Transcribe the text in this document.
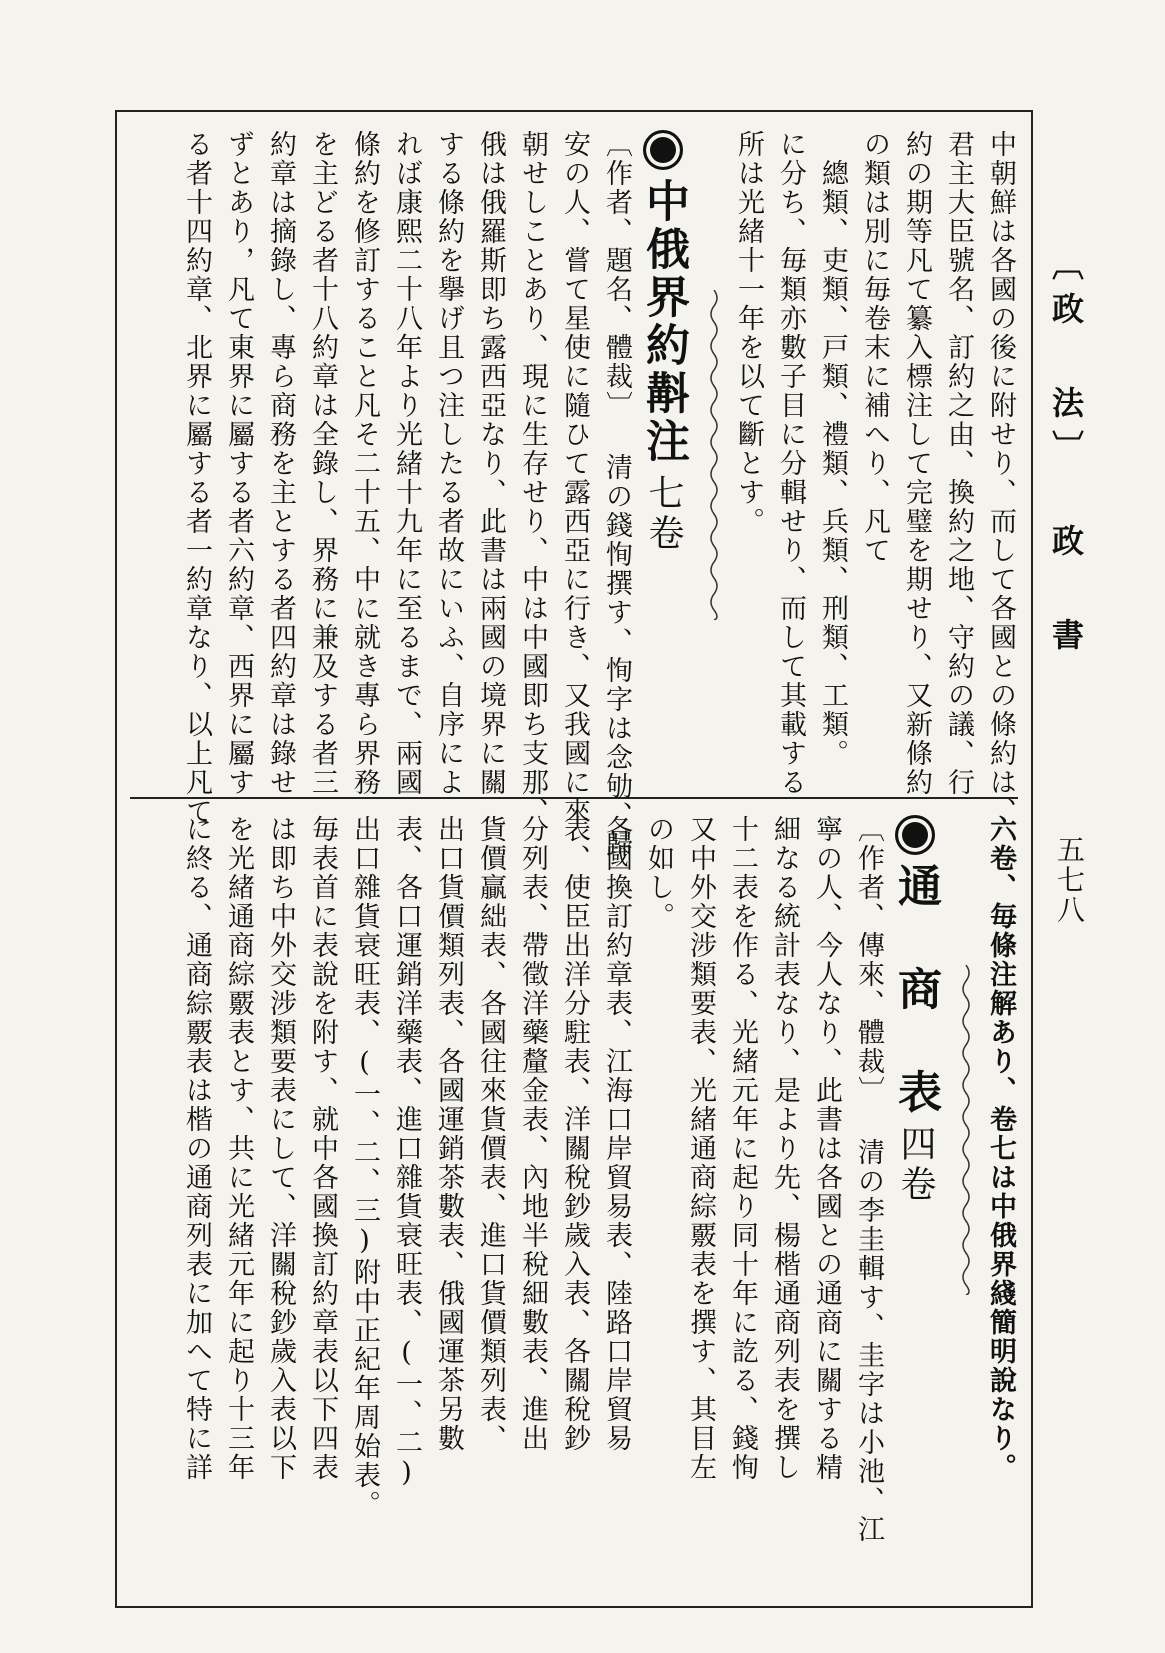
〔政 法〕 政 書
五七八
中朝鮮は各國の後に附せり、而して各國との條約は、
君主大臣號名、訂約之由、換約之地、守約の議、行
約の期等凡て纂入標注して完璧を期せり、又新條約
の類は別に毎卷末に補へり、凡て
　總類、吏類、戸類、禮類、兵類、刑類、工類。
に分ち、毎類亦數子目に分輯せり、而して其載する
所は光緒十一年を以て斷とす。
中俄界約斠注七卷
〔作者、題名、體裁〕 清の錢恂撰す、恂字は念劬、歸
安の人、嘗て星使に隨ひて露西亞に行き、又我國に來
朝せしことあり、現に生存せり、中は中國即ち支那、
俄は俄羅斯即ち露西亞なり、此書は兩國の境界に關
する條約を擧げ且つ注したる者故にいふ、自序によ
れば康熙二十八年より光緒十九年に至るまで、兩國
條約を修訂すること凡そ二十五、中に就き專ら界務
を主どる者十八約章は全錄し、界務に兼及する者三
約章は摘錄し、專ら商務を主とする者四約章は錄せ
ずとあり，凡て東界に屬する者六約章、西界に屬す
る者十四約章、北界に屬する者一約章なり、以上凡て
六卷、毎條注解あり、卷七は中俄界綫簡明說なり。
通 商 表四卷
〔作者、傳來、體裁〕 清の李圭輯す、圭字は小池、江
寧の人、今人なり、此書は各國との通商に關する精
細なる統計表なり、是より先、楊楷通商列表を撰し
十二表を作る、光緒元年に起り同十年に訖る、錢恂
又中外交涉類要表、光緒通商綜覈表を撰す、其目左
の如し。
各國換訂約章表、江海口岸貿易表、陸路口岸貿易
表、使臣出洋分駐表、洋關稅鈔歲入表、各關稅鈔
分列表、帶徵洋藥釐金表、內地半稅細數表、進出
貨價贏絀表、各國往來貨價表、進口貨價類列表、
出口貨價類列表、各國運銷茶數表、俄國運茶另數
表、各口運銷洋藥表、進口雜貨衰旺表、(一、二)
出口雜貨衰旺表、(一、二、三)附中正紀年周始表。
毎表首に表說を附す、就中各國換訂約章表以下四表
は即ち中外交涉類要表にして、洋關稅鈔歲入表以下
を光緒通商綜覈表とす、共に光緒元年に起り十三年
に終る、通商綜覈表は楷の通商列表に加へて特に詳
